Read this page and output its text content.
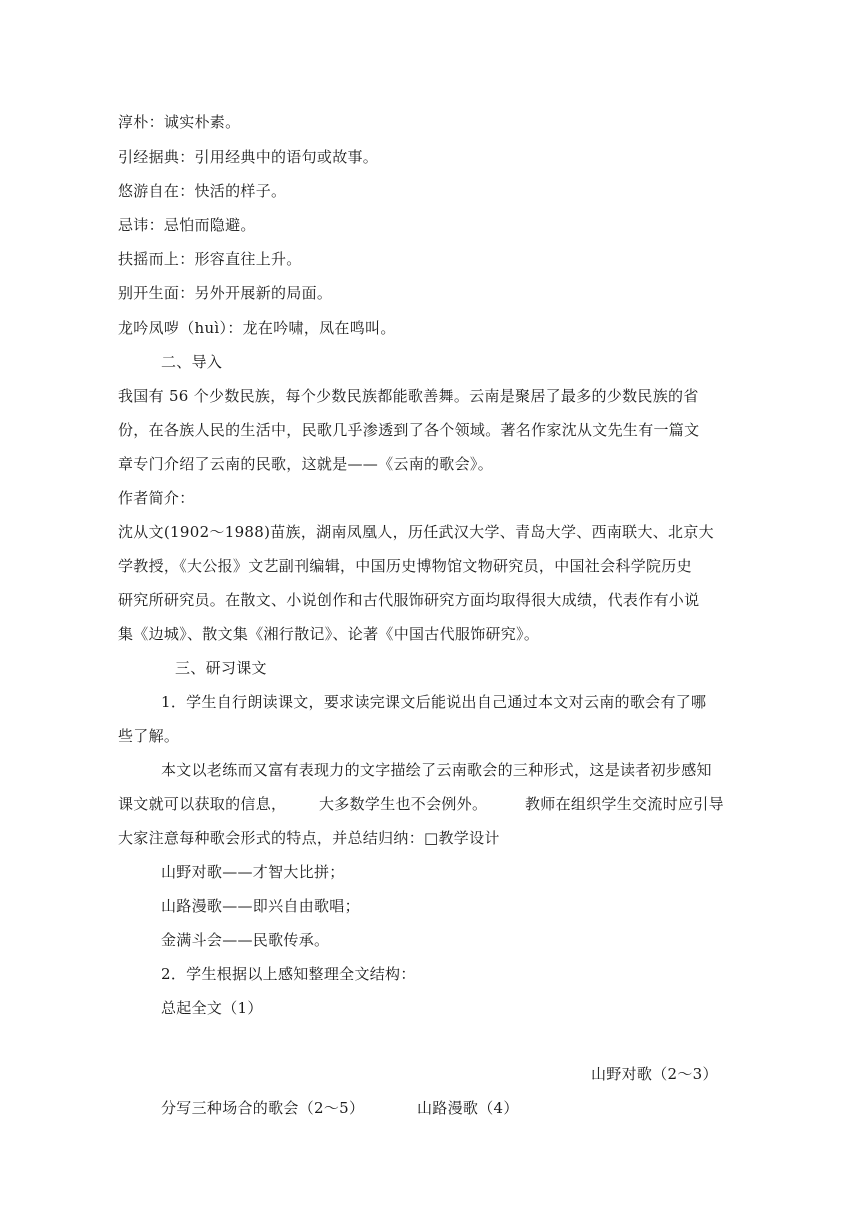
淳朴：诚实朴素。
引经据典：引用经典中的语句或故事。
悠游自在：快活的样子。
忌讳：忌怕而隐避。
扶摇而上：形容直往上升。
别开生面：另外开展新的局面。
龙吟凤哕（huì）：龙在吟啸，凤在鸣叫。
二、导入
我国有 56 个少数民族，每个少数民族都能歌善舞。云南是聚居了最多的少数民族的省
份，在各族人民的生活中，民歌几乎渗透到了各个领域。著名作家沈从文先生有一篇文
章专门介绍了云南的民歌，这就是——《云南的歌会》。
作者简介：
沈从文(1902～1988)苗族，湖南凤凰人，历任武汉大学、青岛大学、西南联大、北京大
学教授，《大公报》文艺副刊编辑，中国历史博物馆文物研究员，中国社会科学院历史
研究所研究员。在散文、小说创作和古代服饰研究方面均取得很大成绩，代表作有小说
集《边城》、散文集《湘行散记》、论著《中国古代服饰研究》。
三、研习课文
1．学生自行朗读课文，要求读完课文后能说出自己通过本文对云南的歌会有了哪
些了解。
本文以老练而又富有表现力的文字描绘了云南歌会的三种形式，这是读者初步感知
课文就可以获取的信息， 大多数学生也不会例外。	教师在组织学生交流时应引导
大家注意每种歌会形式的特点，并总结归纳：□教学设计
山野对歌——才智大比拼；
山路漫歌——即兴自由歌唱；
金满斗会——民歌传承。
2．学生根据以上感知整理全文结构：
总起全文（1）
山野对歌（2～3）
分写三种场合的歌会（2～5）	山路漫歌（4）
